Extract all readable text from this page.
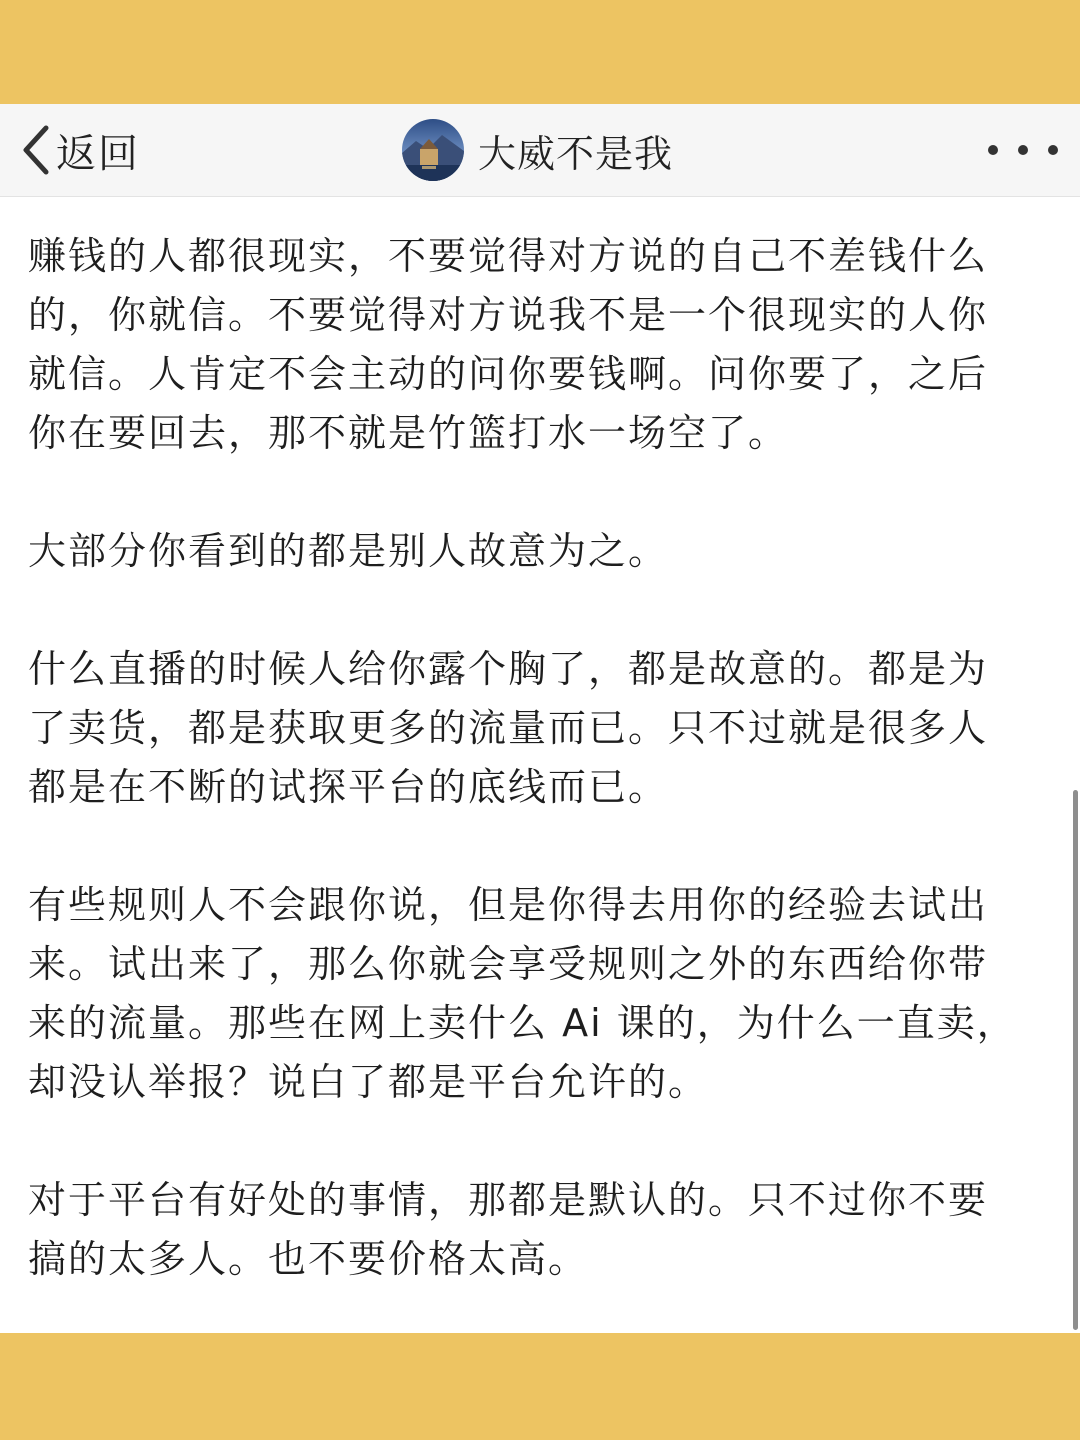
返回	大威不是我

赚钱的人都很现实，不要觉得对方说的自己不差钱什么
的，你就信。不要觉得对方说我不是一个很现实的人你
就信。人肯定不会主动的问你要钱啊。问你要了，之后
你在要回去，那不就是竹篮打水一场空了。

大部分你看到的都是别人故意为之。

什么直播的时候人给你露个胸了，都是故意的。都是为
了卖货，都是获取更多的流量而已。只不过就是很多人
都是在不断的试探平台的底线而已。

有些规则人不会跟你说，但是你得去用你的经验去试出
来。试出来了，那么你就会享受规则之外的东西给你带
来的流量。那些在网上卖什么 Ai 课的，为什么一直卖，
却没认举报？说白了都是平台允许的。

对于平台有好处的事情，那都是默认的。只不过你不要
搞的太多人。也不要价格太高。
